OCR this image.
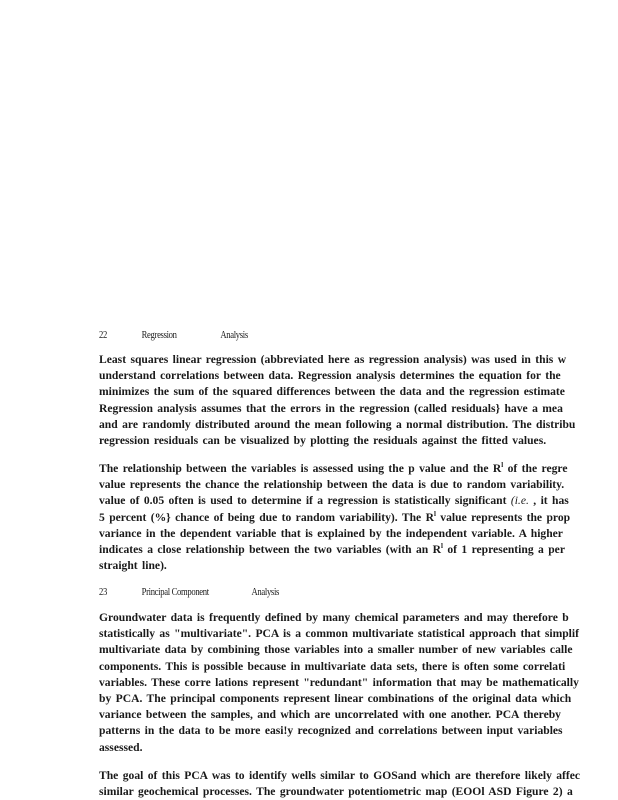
22	Regression	Analysis
Least squares linear regression (abbreviated here as regression analysis) was used in this w
understand correlations between data. Regression analysis determines the equation for the
minimizes the sum of the squared differences between the data and the regression estimate
Regression analysis assumes that the errors in the regression (called residuals} have a mea
and are randomly distributed around the mean following a normal distribution. The distribu
regression residuals can be visualized by plotting the residuals against the fitted values.
The relationship between the variables is assessed using the p value and the $R^l$ of the regre
value represents the chance the relationship between the data is due to random variability.
value of 0.05 often is used to determine if a regression is statistically significant (i.e. , it has
5 percent (%} chance of being due to random variability). The $R^l$ value represents the prop
variance in the dependent variable that is explained by the independent variable. A higher
indicates a close relationship between the two variables (with an $R^l$ of 1 representing a per
straight line).
23	Principal Component	Analysis
Groundwater data is frequently defined by many chemical parameters and may therefore b
statistically as "multivariate". PCA is a common multivariate statistical approach that simplif
multivariate data by combining those variables into a smaller number of new variables calle
components. This is possible because in multivariate data sets, there is often some correlati
variables. These corre lations represent "redundant" information that may be mathematically
by PCA. The principal components represent linear combinations of the original data which
variance between the samples, and which are uncorrelated with one another. PCA thereby
patterns in the data to be more easi!y recognized and correlations between input variables
assessed.
The goal of this PCA was to identify wells similar to GOSand which are therefore likely affec
similar geochemical processes. The groundwater potentiometric map (EOOl ASD Figure 2) a
